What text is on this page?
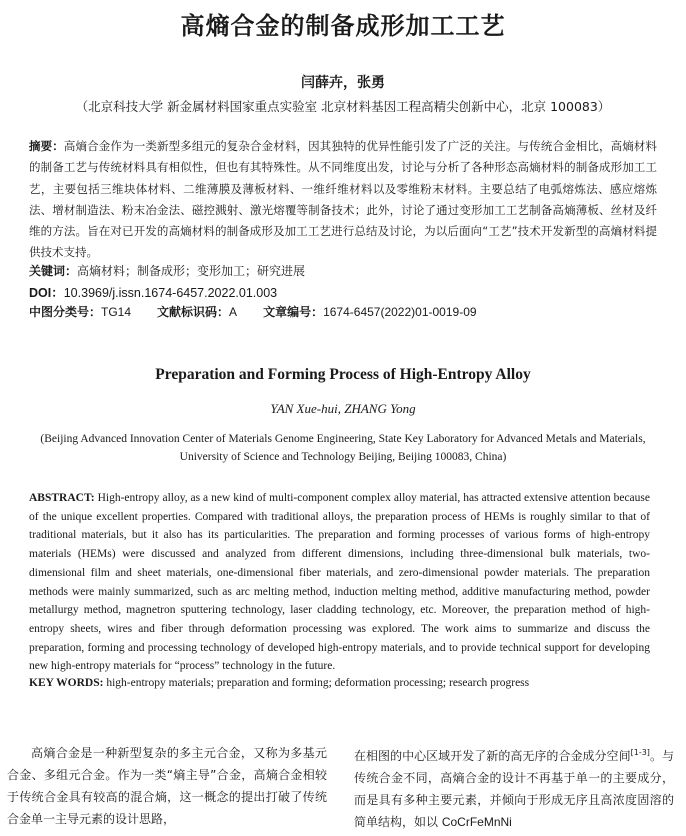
高熵合金的制备成形加工工艺
闫薛卉，张勇
（北京科技大学 新金属材料国家重点实验室 北京材料基因工程高精尖创新中心，北京 100083）
摘要：高熵合金作为一类新型多组元的复杂合金材料，因其独特的优异性能引发了广泛的关注。与传统合金相比，高熵材料的制备工艺与传统材料具有相似性，但也有其特殊性。从不同维度出发，讨论与分析了各种形态高熵材料的制备成形加工工艺，主要包括三维块体材料、二维薄膜及薄板材料、一维纤维材料以及零维粉末材料。主要总结了电弧熔炼法、感应熔炼法、增材制造法、粉末冶金法、磁控溅射、激光熔覆等制备技术；此外，讨论了通过变形加工工艺制备高熵薄板、丝材及纤维的方法。旨在对已开发的高熵材料的制备成形及加工工艺进行总结及讨论，为以后面向“工艺”技术开发新型的高熵材料提供技术支持。
关键词：高熵材料；制备成形；变形加工；研究进展
DOI：10.3969/j.issn.1674-6457.2022.01.003
中图分类号：TG14 文献标识码：A 文章编号：1674-6457(2022)01-0019-09
Preparation and Forming Process of High-Entropy Alloy
YAN Xue-hui, ZHANG Yong
(Beijing Advanced Innovation Center of Materials Genome Engineering, State Key Laboratory for Advanced Metals and Materials, University of Science and Technology Beijing, Beijing 100083, China)
ABSTRACT: High-entropy alloy, as a new kind of multi-component complex alloy material, has attracted extensive attention because of the unique excellent properties. Compared with traditional alloys, the preparation process of HEMs is roughly similar to that of traditional materials, but it also has its particularities. The preparation and forming processes of various forms of high-entropy materials (HEMs) were discussed and analyzed from different dimensions, including three-dimensional bulk materials, two-dimensional film and sheet materials, one-dimensional fiber materials, and zero-dimensional powder materials. The preparation methods were mainly summarized, such as arc melting method, induction melting method, additive manufacturing method, powder metallurgy method, magnetron sputtering technology, laser cladding technology, etc. Moreover, the preparation method of high-entropy sheets, wires and fiber through deformation processing was explored. The work aims to summarize and discuss the preparation, forming and processing technology of developed high-entropy materials, and to provide technical support for developing new high-entropy materials for “process” technology in the future.
KEY WORDS: high-entropy materials; preparation and forming; deformation processing; research progress
高熵合金是一种新型复杂的多主元合金，又称为多基元合金、多组元合金。作为一类“熵主导”合金，高熵合金相较于传统合金具有较高的混合熵，这一概念的提出打破了传统合金单一主导元素的设计思路，
在相图的中心区域开发了新的高无序的合金成分空间[1-3]。与传统合金不同，高熵合金的设计不再基于单一的主要成分，而是具有多种主要元素，并倾向于形成无序且高浓度固溶的简单结构，如以 CoCrFeMnNi
